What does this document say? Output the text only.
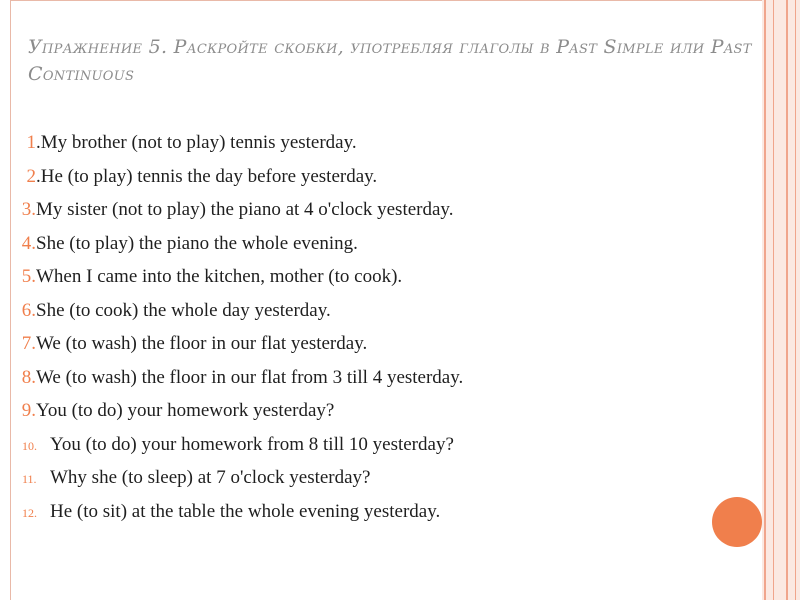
Упражнение 5. Раскройте скобки, употребляя глаголы в Past Simple или Past Continuous
1 . My brother (not to play) tennis yesterday.
2 . He (to play) tennis the day before yesterday.
3. My sister (not to play) the piano at 4 o'clock yesterday.
4. She (to play) the piano the whole evening.
5. When I came into the kitchen, mother (to cook).
6. She (to cook) the whole day yesterday.
7. We (to wash) the floor in our flat yesterday.
8. We (to wash) the floor in our flat from 3 till 4 yesterday.
9. You (to do) your homework yesterday?
10. You (to do) your homework from 8 till 10 yesterday?
11. Why she (to sleep) at 7 o'clock yesterday?
12. He (to sit) at the table the whole evening yesterday.
